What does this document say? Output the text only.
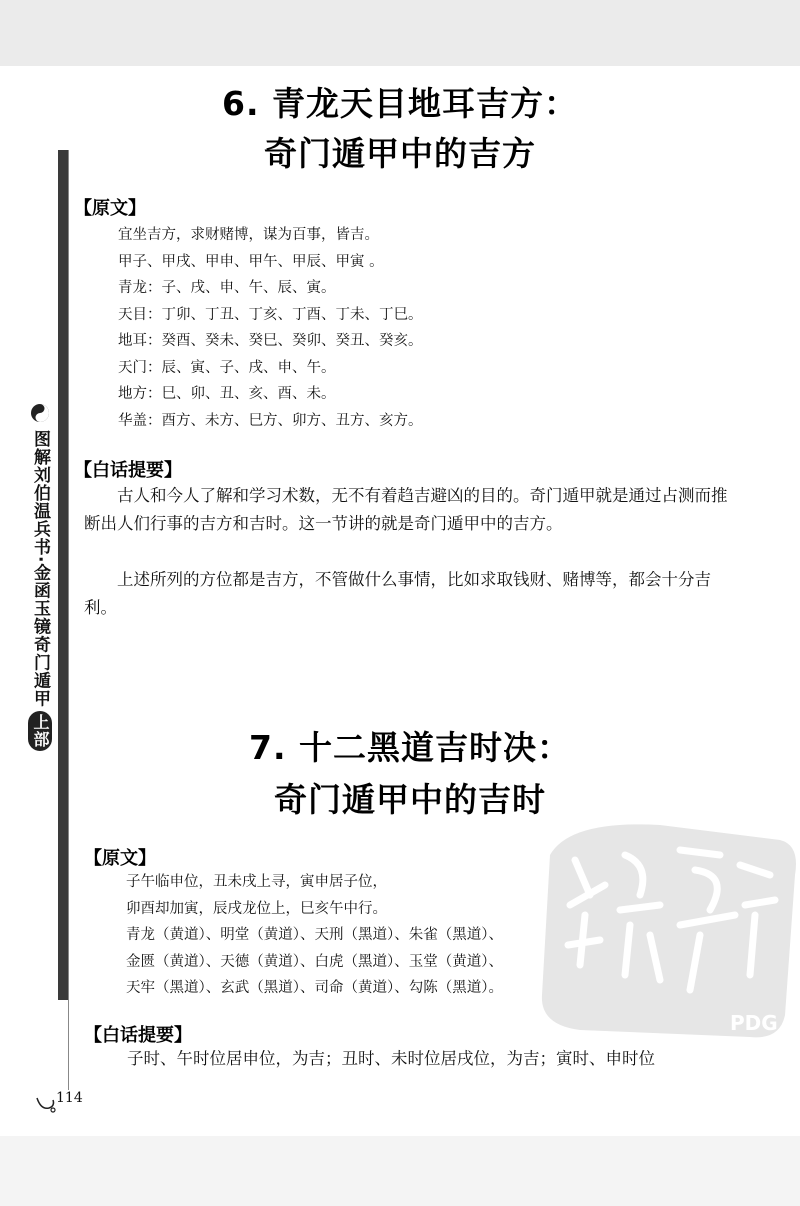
图解刘伯温兵书·金函玉镜奇门遁甲上部
6. 青龙天目地耳吉方：
奇门遁甲中的吉方
【原文】
宜坐吉方，求财赌博，谋为百事，皆吉。
甲子、甲戌、甲申、甲午、甲辰、甲寅 。
青龙：子、戌、申、午、辰、寅。
天目：丁卯、丁丑、丁亥、丁酉、丁未、丁巳。
地耳：癸酉、癸未、癸巳、癸卯、癸丑、癸亥。
天门：辰、寅、子、戌、申、午。
地方：巳、卯、丑、亥、酉、未。
华盖：酉方、未方、巳方、卯方、丑方、亥方。
【白话提要】

古人和今人了解和学习术数，无不有着趋吉避凶的目的。奇门遁甲就是通过占测而推断出人们行事的吉方和吉时。这一节讲的就是奇门遁甲中的吉方。

上述所列的方位都是吉方，不管做什么事情，比如求取钱财、赌博等，都会十分吉利。

7. 十二黑道吉时决：
奇门遁甲中的吉时
【原文】
子午临申位，丑未戌上寻，寅申居子位，
卯酉却加寅，辰戌龙位上，巳亥午中行。
青龙（黄道）、明堂（黄道）、天刑（黑道）、朱雀（黑道）、
金匮（黄道）、天德（黄道）、白虎（黑道）、玉堂（黄道）、
天牢（黑道）、玄武（黑道）、司命（黄道）、勾陈（黑道）。
PDG
【白话提要】

子时、午时位居申位，为吉；丑时、未时位居戌位，为吉；寅时、申时位

114
